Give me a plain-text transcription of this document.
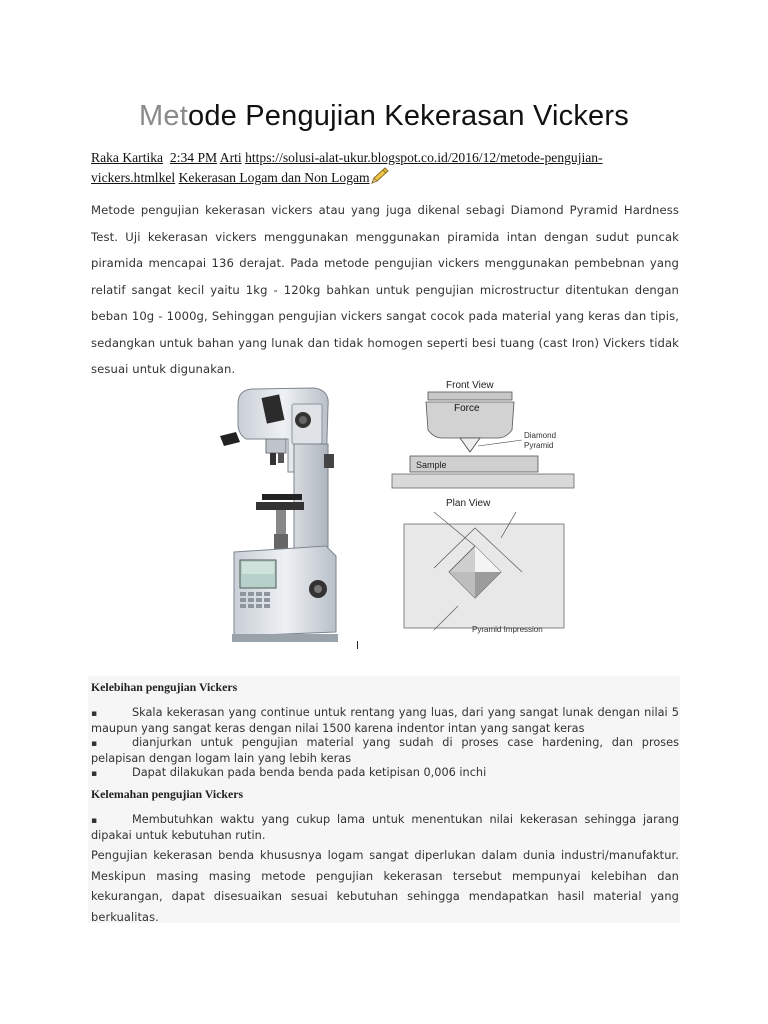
Metode Pengujian Kekerasan Vickers
Raka Kartika 2:34 PM Arti https://solusi-alat-ukur.blogspot.co.id/2016/12/metode-pengujian-vickers.htmlkel Kekerasan Logam dan Non Logam
Metode pengujian kekerasan vickers atau yang juga dikenal sebagi Diamond Pyramid Hardness Test. Uji kekerasan vickers menggunakan menggunakan piramida intan dengan sudut puncak piramida mencapai 136 derajat. Pada metode pengujian vickers menggunakan pembebnan yang relatif sangat kecil yaitu 1kg - 120kg bahkan untuk pengujian microstructur ditentukan dengan beban 10g - 1000g, Sehinggan pengujian vickers sangat cocok pada material yang keras dan tipis, sedangkan untuk bahan yang lunak dan tidak homogen seperti besi tuang (cast Iron) Vickers tidak sesuai untuk digunakan.
Front View
Force
Diamond
Pyramid
Sample
Plan View
Pyramid Impression
Kelebihan pengujian Vickers
▪	Skala kekerasan yang continue untuk rentang yang luas, dari yang sangat lunak dengan nilai 5 maupun yang sangat keras dengan nilai 1500 karena indentor intan yang sangat keras
▪	dianjurkan untuk pengujian material yang sudah di proses case hardening, dan proses pelapisan dengan logam lain yang lebih keras
▪	Dapat dilakukan pada benda benda pada ketipisan 0,006 inchi
Kelemahan pengujian Vickers
▪	Membutuhkan waktu yang cukup lama untuk menentukan nilai kekerasan sehingga jarang dipakai untuk kebutuhan rutin.
Pengujian kekerasan benda khususnya logam sangat diperlukan dalam dunia industri/manufaktur. Meskipun masing masing metode pengujian kekerasan tersebut mempunyai kelebihan dan kekurangan, dapat disesuaikan sesuai kebutuhan sehingga mendapatkan hasil material yang berkualitas.
